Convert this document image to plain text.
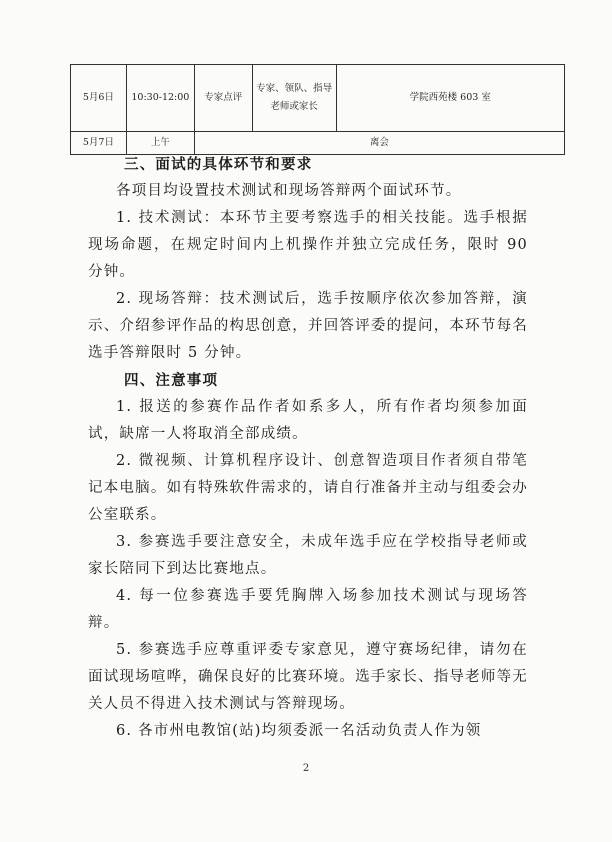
5月6日	10:30-12:00	专家点评	专家、领队、指导老师或家长	学院西苑楼 603 室
5月7日	上午	离会		

三、面试的具体环节和要求

各项目均设置技术测试和现场答辩两个面试环节。

1. 技术测试：本环节主要考察选手的相关技能。选手根据现场命题，在规定时间内上机操作并独立完成任务，限时 90 分钟。

2. 现场答辩：技术测试后，选手按顺序依次参加答辩，演示、介绍参评作品的构思创意，并回答评委的提问，本环节每名选手答辩限时 5 分钟。

四、注意事项

1. 报送的参赛作品作者如系多人，所有作者均须参加面试，缺席一人将取消全部成绩。

2. 微视频、计算机程序设计、创意智造项目作者须自带笔记本电脑。如有特殊软件需求的，请自行准备并主动与组委会办公室联系。

3. 参赛选手要注意安全，未成年选手应在学校指导老师或家长陪同下到达比赛地点。

4. 每一位参赛选手要凭胸牌入场参加技术测试与现场答辩。

5. 参赛选手应尊重评委专家意见，遵守赛场纪律，请勿在面试现场喧哗，确保良好的比赛环境。选手家长、指导老师等无关人员不得进入技术测试与答辩现场。

6. 各市州电教馆(站)均须委派一名活动负责人作为领

2
